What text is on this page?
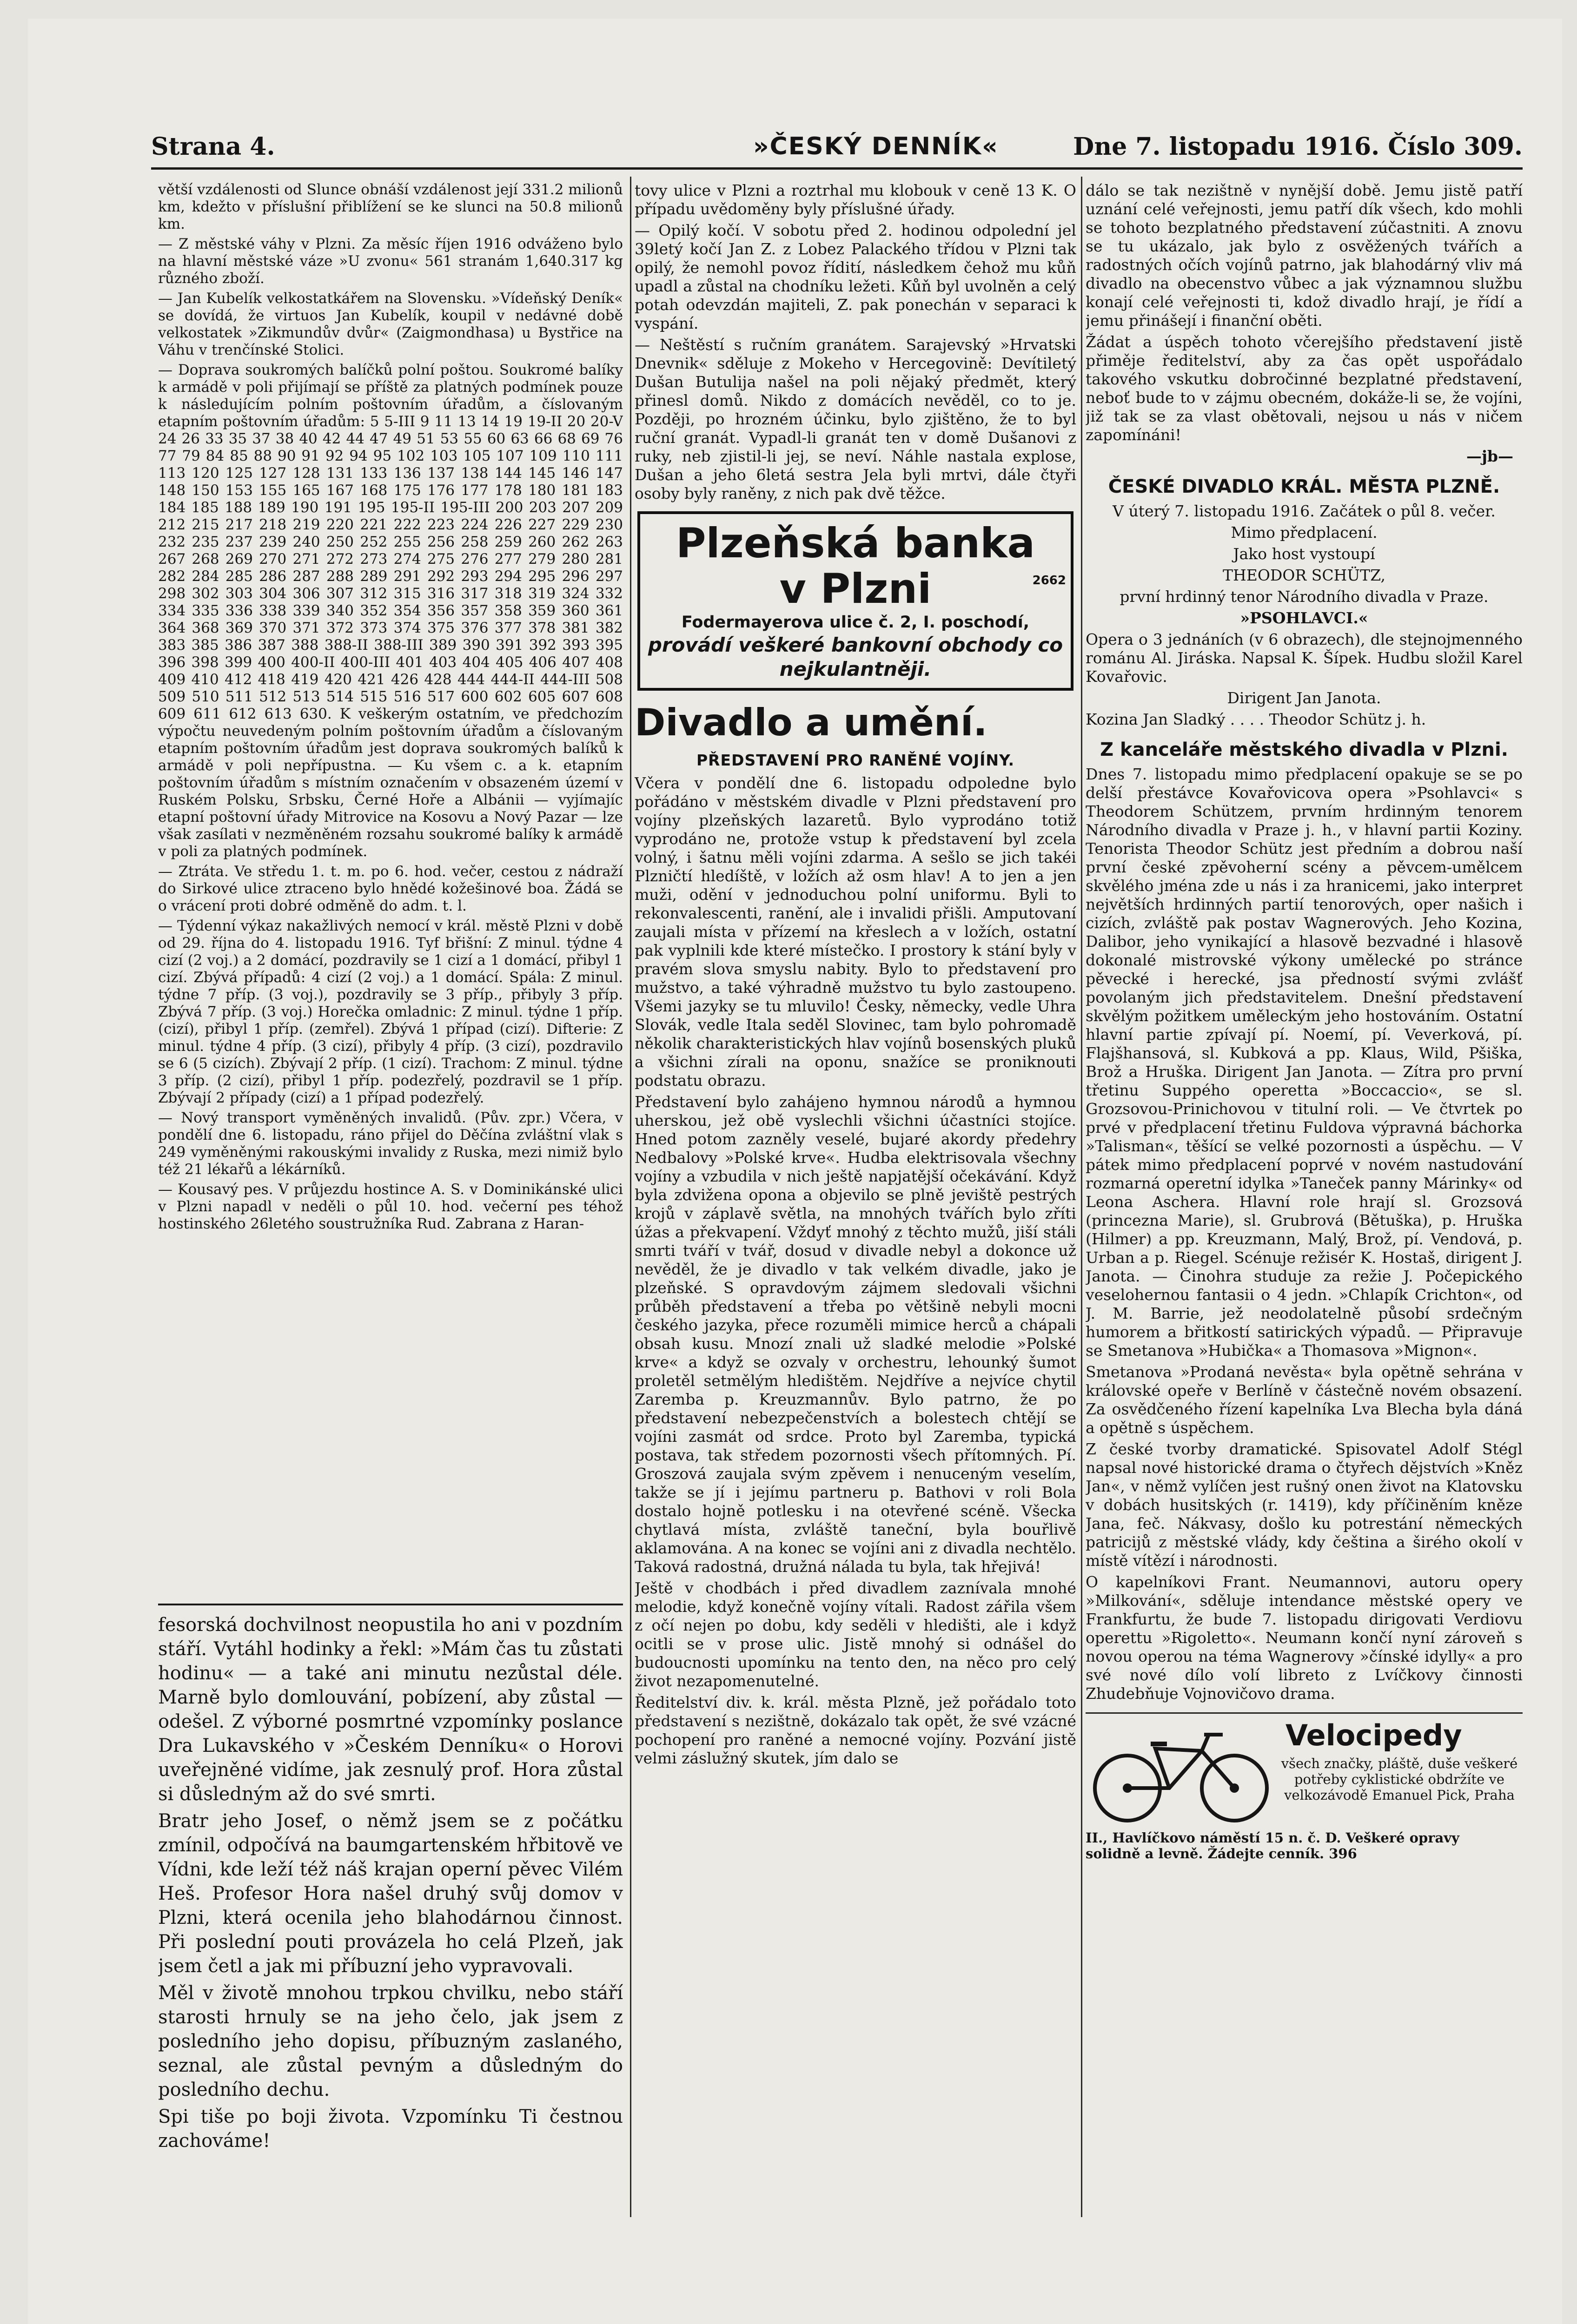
Strana 4.	»ČESKÝ DENNÍK«	Dne 7. listopadu 1916. Číslo 309.

větší vzdálenosti od Slunce obnáší vzdálenost její 331.2 milionů km, kdežto v příslušní přiblížení se ke slunci na 50.8 milionů km.

— Z městské váhy v Plzni. Za měsíc říjen 1916 odváženo bylo na hlavní městské váze »U zvonu« 561 stranám 1,640.317 kg různého zboží.

— Jan Kubelík velkostatkářem na Slovensku. »Vídeňský Deník« se dovídá, že virtuos Jan Kubelík, koupil v nedávné době velkostatek »Zikmundův dvůr« (Zaigmondhasa) u Bystřice na Váhu v trenčínské Stolici.

— Doprava soukromých balíčků polní poštou. Soukromé balíky k armádě v poli přijímají se příště za platných podmínek pouze k následujícím polním poštovním úřadům, a číslovaným etapním poštovním úřadům: 5 5-III 9 11 13 14 19 19-II 20 20-V 24 26 33 35 37 38 40 42 44 47 49 51 53 55 60 63 66 68 69 76 77 79 84 85 88 90 91 92 94 95 102 103 105 107 109 110 111 113 120 125 127 128 131 133 136 137 138 144 145 146 147 148 150 153 155 165 167 168 175 176 177 178 180 181 183 184 185 188 189 190 191 195 195-II 195-III 200 203 207 209 212 215 217 218 219 220 221 222 223 224 226 227 229 230 232 235 237 239 240 250 252 255 256 258 259 260 262 263 267 268 269 270 271 272 273 274 275 276 277 279 280 281 282 284 285 286 287 288 289 291 292 293 294 295 296 297 298 302 303 304 306 307 312 315 316 317 318 319 324 332 334 335 336 338 339 340 352 354 356 357 358 359 360 361 364 368 369 370 371 372 373 374 375 376 377 378 381 382 383 385 386 387 388 388-II 388-III 389 390 391 392 393 395 396 398 399 400 400-II 400-III 401 403 404 405 406 407 408 409 410 412 418 419 420 421 426 428 444 444-II 444-III 508 509 510 511 512 513 514 515 516 517 600 602 605 607 608 609 611 612 613 630. K veškerým ostatním, ve předchozím výpočtu neuvedeným polním poštovním úřadům a číslovaným etapním poštovním úřadům jest doprava soukromých balíků k armádě v poli nepřípustna. — Ku všem c. a k. etapním poštovním úřadům s místním označením v obsazeném území v Ruském Polsku, Srbsku, Černé Hoře a Albánii — vyjímajíc etapní poštovní úřady Mitrovice na Kosovu a Nový Pazar — lze však zasílati v nezměněném rozsahu soukromé balíky k armádě v poli za platných podmínek.

— Ztráta. Ve středu 1. t. m. po 6. hod. večer, cestou z nádraží do Sirkové ulice ztraceno bylo hnědé kožešinové boa. Žádá se o vrácení proti dobré odměně do adm. t. l.

— Týdenní výkaz nakažlivých nemocí v král. městě Plzni v době od 29. října do 4. listopadu 1916. Tyf břišní: Z minul. týdne 4 cizí (2 voj.) a 2 domácí, pozdravily se 1 cizí a 1 domácí, přibyl 1 cizí. Zbývá případů: 4 cizí (2 voj.) a 1 domácí. Spála: Z minul. týdne 7 příp. (3 voj.), pozdravily se 3 příp., přibyly 3 příp. Zbývá 7 příp. (3 voj.) Horečka omladnic: Z minul. týdne 1 příp. (cizí), přibyl 1 příp. (zemřel). Zbývá 1 případ (cizí). Difterie: Z minul. týdne 4 příp. (3 cizí), přibyly 4 příp. (3 cizí), pozdravilo se 6 (5 cizích). Zbývají 2 příp. (1 cizí). Trachom: Z minul. týdne 3 příp. (2 cizí), přibyl 1 příp. podezřelý, pozdravil se 1 příp. Zbývají 2 případy (cizí) a 1 případ podezřelý.

— Nový transport vyměněných invalidů. (Pův. zpr.) Včera, v pondělí dne 6. listopadu, ráno přijel do Děčína zvláštní vlak s 249 vyměněnými rakouskými invalidy z Ruska, mezi nimiž bylo též 21 lékařů a lékárníků.

— Kousavý pes. V průjezdu hostince A. S. v Dominikánské ulici v Plzni napadl v neděli o půl 10. hod. večerní pes téhož hostinského 26letého soustružníka Rud. Zabrana z Haran-

fesorská dochvilnost neopustila ho ani v pozdním stáří. Vytáhl hodinky a řekl: »Mám čas tu zůstati hodinu« — a také ani minutu nezůstal déle. Marně bylo domlouvání, pobízení, aby zůstal — odešel. Z výborné posmrtné vzpomínky poslance Dra Lukavského v »Českém Denníku« o Horovi uveřejněné vidíme, jak zesnulý prof. Hora zůstal si důsledným až do své smrti.

Bratr jeho Josef, o němž jsem se z počátku zmínil, odpočívá na baumgartenském hřbitově ve Vídni, kde leží též náš krajan operní pěvec Vilém Heš. Profesor Hora našel druhý svůj domov v Plzni, která ocenila jeho blahodárnou činnost. Při poslední pouti provázela ho celá Plzeň, jak jsem četl a jak mi příbuzní jeho vypravovali.

Měl v životě mnohou trpkou chvilku, nebo stáří starosti hrnuly se na jeho čelo, jak jsem z posledního jeho dopisu, příbuzným zaslaného, seznal, ale zůstal pevným a důsledným do posledního dechu.

Spi tiše po boji života. Vzpomínku Ti čestnou zachováme!

tovy ulice v Plzni a roztrhal mu klobouk v ceně 13 K. O případu uvědoměny byly příslušné úřady.

— Opilý kočí. V sobotu před 2. hodinou odpolední jel 39letý kočí Jan Z. z Lobez Palackého třídou v Plzni tak opilý, že nemohl povoz řídití, následkem čehož mu kůň upadl a zůstal na chodníku ležeti. Kůň byl uvolněn a celý potah odevzdán majiteli, Z. pak ponechán v separaci k vyspání.

— Neštěstí s ručním granátem. Sarajevský »Hrvatski Dnevnik« sděluje z Mokeho v Hercegovině: Devítiletý Dušan Butulija našel na poli nějaký předmět, který přinesl domů. Nikdo z domácích nevěděl, co to je. Později, po hrozném účinku, bylo zjištěno, že to byl ruční granát. Vypadl-li granát ten v domě Dušanovi z ruky, neb zjistil-li jej, se neví. Náhle nastala explose, Dušan a jeho 6letá sestra Jela byli mrtvi, dále čtyři osoby byly raněny, z nich pak dvě těžce.

Plzeňská banka
v Plzni	2662
Fodermayerova ulice č. 2, I. poschodí,
provádí veškeré bankovní obchody co nejkulantněji.
Divadlo a umění.
PŘEDSTAVENÍ PRO RANĚNÉ VOJÍNY.

Včera v pondělí dne 6. listopadu odpoledne bylo pořádáno v městském divadle v Plzni představení pro vojíny plzeňských lazaretů. Bylo vyprodáno totiž vyprodáno ne, protože vstup k představení byl zcela volný, i šatnu měli vojíni zdarma. A sešlo se jich takéi Plzničtí hledíště, v ložích až osm hlav! A to jen a jen muži, odění v jednoduchou polní uniformu. Byli to rekonvalescenti, ranění, ale i invalidi přišli. Amputovaní zaujali místa v přízemí na křeslech a v ložích, ostatní pak vyplnili kde které místečko. I prostory k stání byly v pravém slova smyslu nabity. Bylo to představení pro mužstvo, a také výhradně mužstvo tu bylo zastoupeno. Všemi jazyky se tu mluvilo! Česky, německy, vedle Uhra Slovák, vedle Itala seděl Slovinec, tam bylo pohromadě několik charakteristických hlav vojínů bosenských pluků a všichni zírali na oponu, snažíce se proniknouti podstatu obrazu.

Představení bylo zahájeno hymnou národů a hymnou uherskou, jež obě vyslechli všichni účastníci stojíce. Hned potom zazněly veselé, bujaré akordy předehry Nedbalovy »Polské krve«. Hudba elektrisovala všechny vojíny a vzbudila v nich ještě napjatější očekávání. Když byla zdvižena opona a objevilo se plně jeviště pestrých krojů v záplavě světla, na mnohých tvářích bylo zříti úžas a překvapení. Vždyť mnohý z těchto mužů, jiší stáli smrti tváří v tvář, dosud v divadle nebyl a dokonce už nevěděl, že je divadlo v tak velkém divadle, jako je plzeňské. S opravdovým zájmem sledovali všichni průběh představení a třeba po většině nebyli mocni českého jazyka, přece rozuměli mimice herců a chápali obsah kusu. Mnozí znali už sladké melodie »Polské krve« a když se ozvaly v orchestru, lehounký šumot proletěl setmělým hledištěm. Nejdříve a nejvíce chytil Zaremba p. Kreuzmannův. Bylo patrno, že po představení nebezpečenstvích a bolestech chtějí se vojíni zasmát od srdce. Proto byl Zaremba, typická postava, tak středem pozornosti všech přítomných. Pí. Groszová zaujala svým zpěvem i nenuceným veselím, takže se jí i jejímu partneru p. Bathovi v roli Bola dostalo hojně potlesku i na otevřené scéně. Všecka chytlavá místa, zvláště taneční, byla bouřlivě aklamována. A na konec se vojíni ani z divadla nechtělo. Taková radostná, družná nálada tu byla, tak hřejivá!

Ještě v chodbách i před divadlem zaznívala mnohé melodie, když konečně vojíny vítali. Radost zářila všem z očí nejen po dobu, kdy seděli v hledišti, ale i když ocitli se v prose ulic. Jistě mnohý si odnášel do budoucnosti upomínku na tento den, na něco pro celý život nezapomenutelné.

Ředitelství div. k. král. města Plzně, jež pořádalo toto představení s nezištně, dokázalo tak opět, že své vzácné pochopení pro raněné a nemocné vojíny. Pozvání jistě velmi záslužný skutek, jím dalo se

dálo se tak nezištně v nynější době. Jemu jistě patří uznání celé veřejnosti, jemu patří dík všech, kdo mohli se tohoto bezplatného představení zúčastniti. A znovu se tu ukázalo, jak bylo z osvěžených tvářích a radostných očích vojínů patrno, jak blahodárný vliv má divadlo na obecenstvo vůbec a jak významnou službu konají celé veřejnosti ti, kdož divadlo hrají, je řídí a jemu přinášejí i finanční oběti.

Žádat a úspěch tohoto včerejšího představení jistě přiměje ředitelství, aby za čas opět uspořádalo takového vskutku dobročinné bezplatné představení, neboť bude to v zájmu obecném, dokáže-li se, že vojíni, již tak se za vlast obětovali, nejsou u nás v ničem zapomínáni!

—jb—

ČESKÉ DIVADLO KRÁL. MĚSTA PLZNĚ.

V úterý 7. listopadu 1916. Začátek o půl 8. večer.

Mimo předplacení.

Jako host vystoupí

THEODOR SCHÜTZ,

první hrdinný tenor Národního divadla v Praze.

»PSOHLAVCI.«

Opera o 3 jednáních (v 6 obrazech), dle stejnojmenného románu Al. Jiráska. Napsal K. Šípek. Hudbu složil Karel Kovařovic.

Dirigent Jan Janota.

Kozina Jan Sladký . . . . Theodor Schütz j. h.

Z kanceláře městského divadla v Plzni.

Dnes 7. listopadu mimo předplacení opakuje se se po delší přestávce Kovařovicova opera »Psohlavci« s Theodorem Schützem, prvním hrdinným tenorem Národního divadla v Praze j. h., v hlavní partii Koziny. Tenorista Theodor Schütz jest předním a dobrou naší první české zpěvoherní scény a pěvcem-umělcem skvělého jména zde u nás i za hranicemi, jako interpret největších hrdinných partií tenorových, oper našich i cizích, zvláště pak postav Wagnerových. Jeho Kozina, Dalibor, jeho vynikající a hlasově bezvadné i hlasově dokonalé mistrovské výkony umělecké po stránce pěvecké i herecké, jsa předností svými zvlášť povolaným jich představitelem. Dnešní představení skvělým požitkem uměleckým jeho hostováním. Ostatní hlavní partie zpívají pí. Noemí, pí. Veverková, pí. Flajšhansová, sl. Kubková a pp. Klaus, Wild, Pšiška, Brož a Hruška. Dirigent Jan Janota. — Zítra pro první třetinu Suppého operetta »Boccaccio«, se sl. Grozsovou-Prinichovou v titulní roli. — Ve čtvrtek po prvé v předplacení třetinu Fuldova výpravná báchorka »Talisman«, těšící se velké pozornosti a úspěchu. — V pátek mimo předplacení poprvé v novém nastudování rozmarná operetní idylka »Taneček panny Márinky« od Leona Aschera. Hlavní role hrají sl. Grozsová (princezna Marie), sl. Grubrová (Bětuška), p. Hruška (Hilmer) a pp. Kreuzmann, Malý, Brož, pí. Vendová, p. Urban a p. Riegel. Scénuje režisér K. Hostaš, dirigent J. Janota. — Činohra studuje za režie J. Počepického veselohernou fantasii o 4 jedn. »Chlapík Crichton«, od J. M. Barrie, jež neodolatelně působí srdečným humorem a břitkostí satirických výpadů. — Připravuje se Smetanova »Hubička« a Thomasova »Mignon«.

Smetanova »Prodaná nevěsta« byla opětně sehrána v královské opeře v Berlíně v částečně novém obsazení. Za osvědčeného řízení kapelníka Lva Blecha byla dáná a opětně s úspěchem.

Z české tvorby dramatické. Spisovatel Adolf Stégl napsal nové historické drama o čtyřech dějstvích »Kněz Jan«, v němž vylíčen jest rušný onen život na Klatovsku v dobách husitských (r. 1419), kdy příčiněním kněze Jana, feč. Nákvasy, došlo ku potrestání německých patricijů z městské vlády, kdy čeština a širého okolí v místě vítězí i národnosti.

O kapelníkovi Frant. Neumannovi, autoru opery »Milkování«, sděluje intendance městské opery ve Frankfurtu, že bude 7. listopadu dirigovati Verdiovu operettu »Rigoletto«. Neumann končí nyní zároveň s novou operou na téma Wagnerovy »čínské idylly« a pro své nové dílo volí libreto z Lvíčkovy činnosti Zhudebňuje Vojnovičovo drama.

Velocipedy
všech značky, pláště, duše veškeré potřeby cyklistické obdržíte ve velkozávodě Emanuel Pick, Praha
II., Havlíčkovo náměstí 15 n. č. D. Veškeré opravy solidně a levně. Žádejte cenník. 396
